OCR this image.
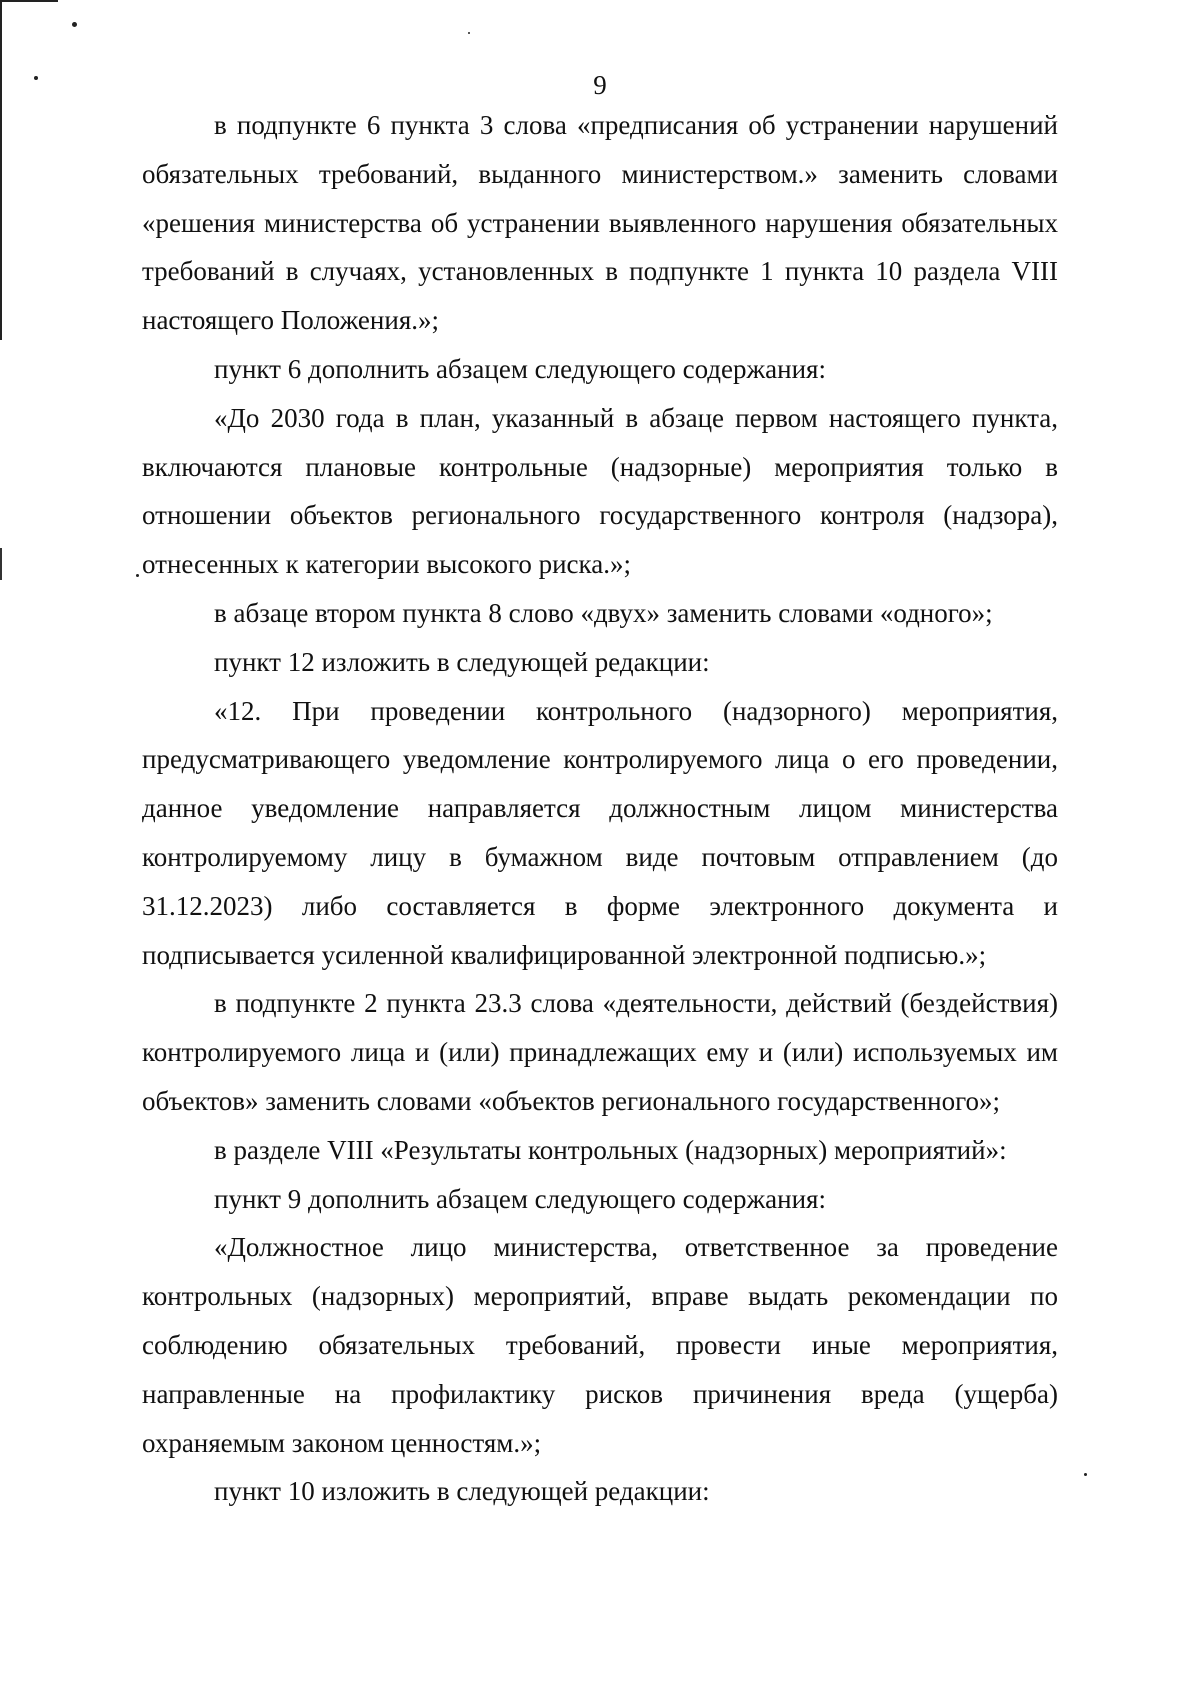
9

в подпункте 6 пункта 3 слова «предписания об устранении нарушений обязательных требований, выданного министерством.» заменить словами «решения министерства об устранении выявленного нарушения обязательных требований в случаях, установленных в подпункте 1 пункта 10 раздела VIII настоящего Положения.»;

пункт 6 дополнить абзацем следующего содержания:

«До 2030 года в план, указанный в абзаце первом настоящего пункта, включаются плановые контрольные (надзорные) мероприятия только в отношении объектов регионального государственного контроля (надзора), отнесенных к категории высокого риска.»;

в абзаце втором пункта 8 слово «двух» заменить словами «одного»;

пункт 12 изложить в следующей редакции:

«12. При проведении контрольного (надзорного) мероприятия, предусматривающего уведомление контролируемого лица о его проведении, данное уведомление направляется должностным лицом министерства контролируемому лицу в бумажном виде почтовым отправлением (до 31.12.2023) либо составляется в форме электронного документа и подписывается усиленной квалифицированной электронной подписью.»;

в подпункте 2 пункта 23.3 слова «деятельности, действий (бездействия) контролируемого лица и (или) принадлежащих ему и (или) используемых им объектов» заменить словами «объектов регионального государственного»;

в разделе VIII «Результаты контрольных (надзорных) мероприятий»:

пункт 9 дополнить абзацем следующего содержания:

«Должностное лицо министерства, ответственное за проведение контрольных (надзорных) мероприятий, вправе выдать рекомендации по соблюдению обязательных требований, провести иные мероприятия, направленные на профилактику рисков причинения вреда (ущерба) охраняемым законом ценностям.»;

пункт 10 изложить в следующей редакции:
